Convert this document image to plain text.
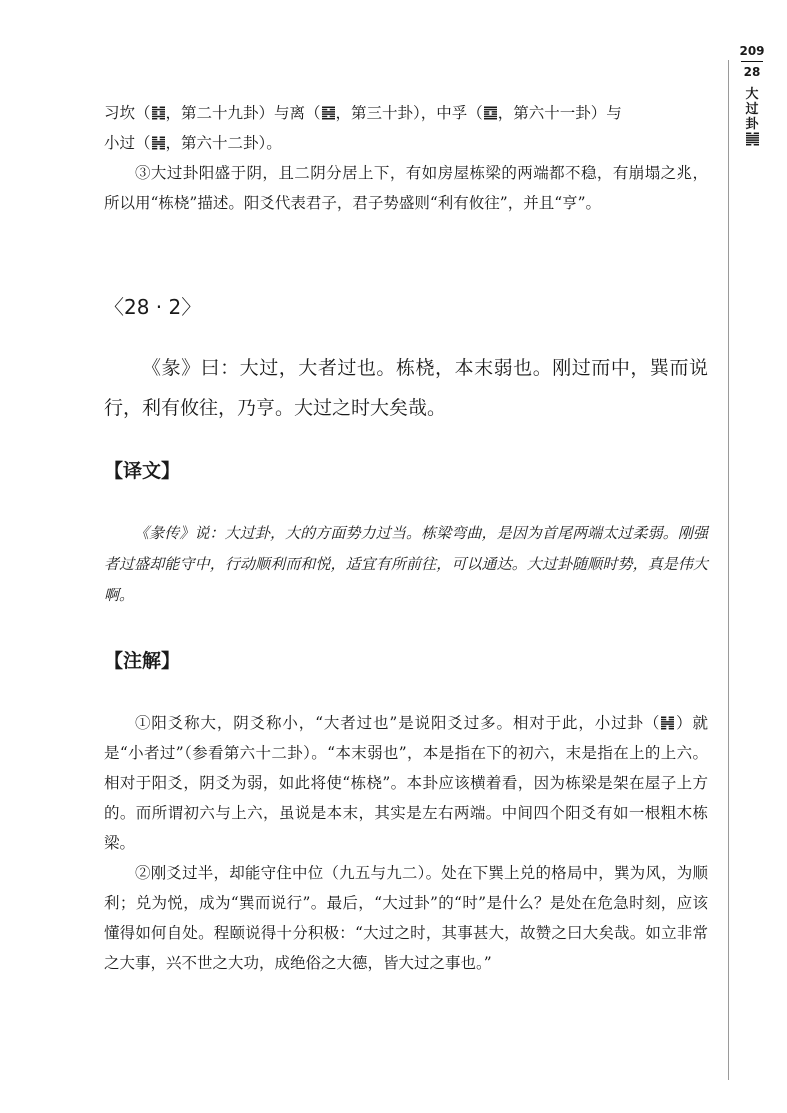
209
28
大过卦

习坎（ ，第二十九卦）与离（ ，第三十卦），中孚（ ，第六十一卦）与
小过（ ，第六十二卦）。

③大过卦阳盛于阴，且二阴分居上下，有如房屋栋梁的两端都不稳，有崩塌之兆，所以用“栋桡”描述。阳爻代表君子，君子势盛则“利有攸往”，并且“亨”。

〈28 · 2〉

《彖》曰：大过，大者过也。栋桡，本末弱也。刚过而中，巽而说行，利有攸往，乃亨。大过之时大矣哉。

【译文】

《彖传》说：大过卦，大的方面势力过当。栋梁弯曲，是因为首尾两端太过柔弱。刚强者过盛却能守中，行动顺利而和悦，适宜有所前往，可以通达。大过卦随顺时势，真是伟大啊。

【注解】

①阳爻称大，阴爻称小，“大者过也”是说阳爻过多。相对于此，小过卦（ ）就是“小者过”（参看第六十二卦）。“本末弱也”，本是指在下的初六，末是指在上的上六。相对于阳爻，阴爻为弱，如此将使“栋桡”。本卦应该横着看，因为栋梁是架在屋子上方的。而所谓初六与上六，虽说是本末，其实是左右两端。中间四个阳爻有如一根粗木栋梁。

②刚爻过半，却能守住中位（九五与九二）。处在下巽上兑的格局中，巽为风，为顺利；兑为悦，成为“巽而说行”。最后，“大过卦”的“时”是什么？是处在危急时刻，应该懂得如何自处。程颐说得十分积极：“大过之时，其事甚大，故赞之曰大矣哉。如立非常之大事，兴不世之大功，成绝俗之大德，皆大过之事也。”
